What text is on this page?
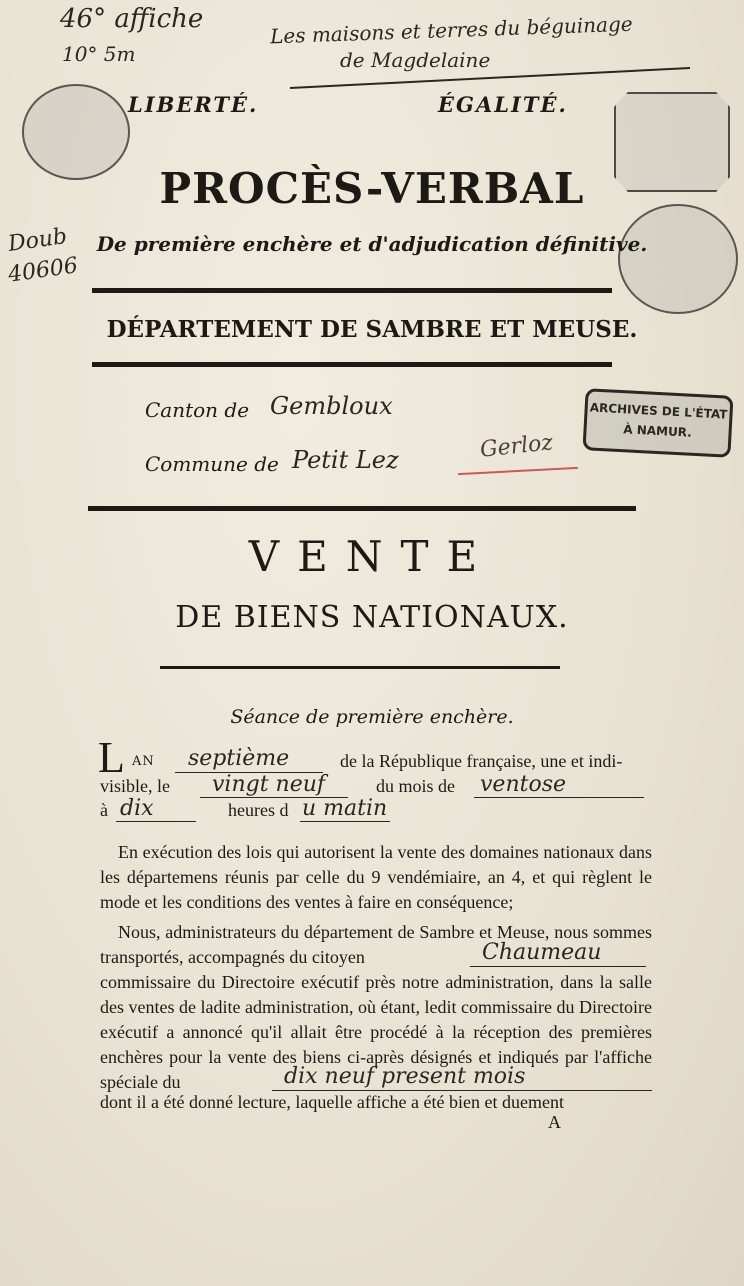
46° affiche
10° 5m
Les maisons et terres du béguinage
de Magdelaine
Doub
40606
LIBERTÉ.	ÉGALITÉ.
PROCÈS-VERBAL
De première enchère et d'adjudication définitive.
DÉPARTEMENT DE SAMBRE ET MEUSE.
Canton de Gembloux
Commune de Petit Lez	Gerloz
ARCHIVES DE L'ÉTAT
À NAMUR.
VENTE
DE BIENS NATIONAUX.
Séance de première enchère.
L AN septième	de la République française, une et indi-
visible, le vingt neuf	du mois de ventose
à dix	heures d u matin
En exécution des lois qui autorisent la vente des domaines nationaux dans les départemens réunis par celle du 9 vendémiaire, an 4, et qui règlent le mode et les conditions des ventes à faire en conséquence;
Nous, administrateurs du département de Sambre et Meuse, nous sommes transportés, accompagnés du citoyen	Chaumeau
commissaire du Directoire exécutif près notre administration, dans la salle des ventes de ladite administration, où étant, ledit commissaire du Directoire exécutif a annoncé qu'il allait être procédé à la réception des premières enchères pour la vente des biens ci-après désignés et indiqués par l'affiche spéciale du	dix neuf present mois
dont il a été donné lecture, laquelle affiche a été bien et duement
A
